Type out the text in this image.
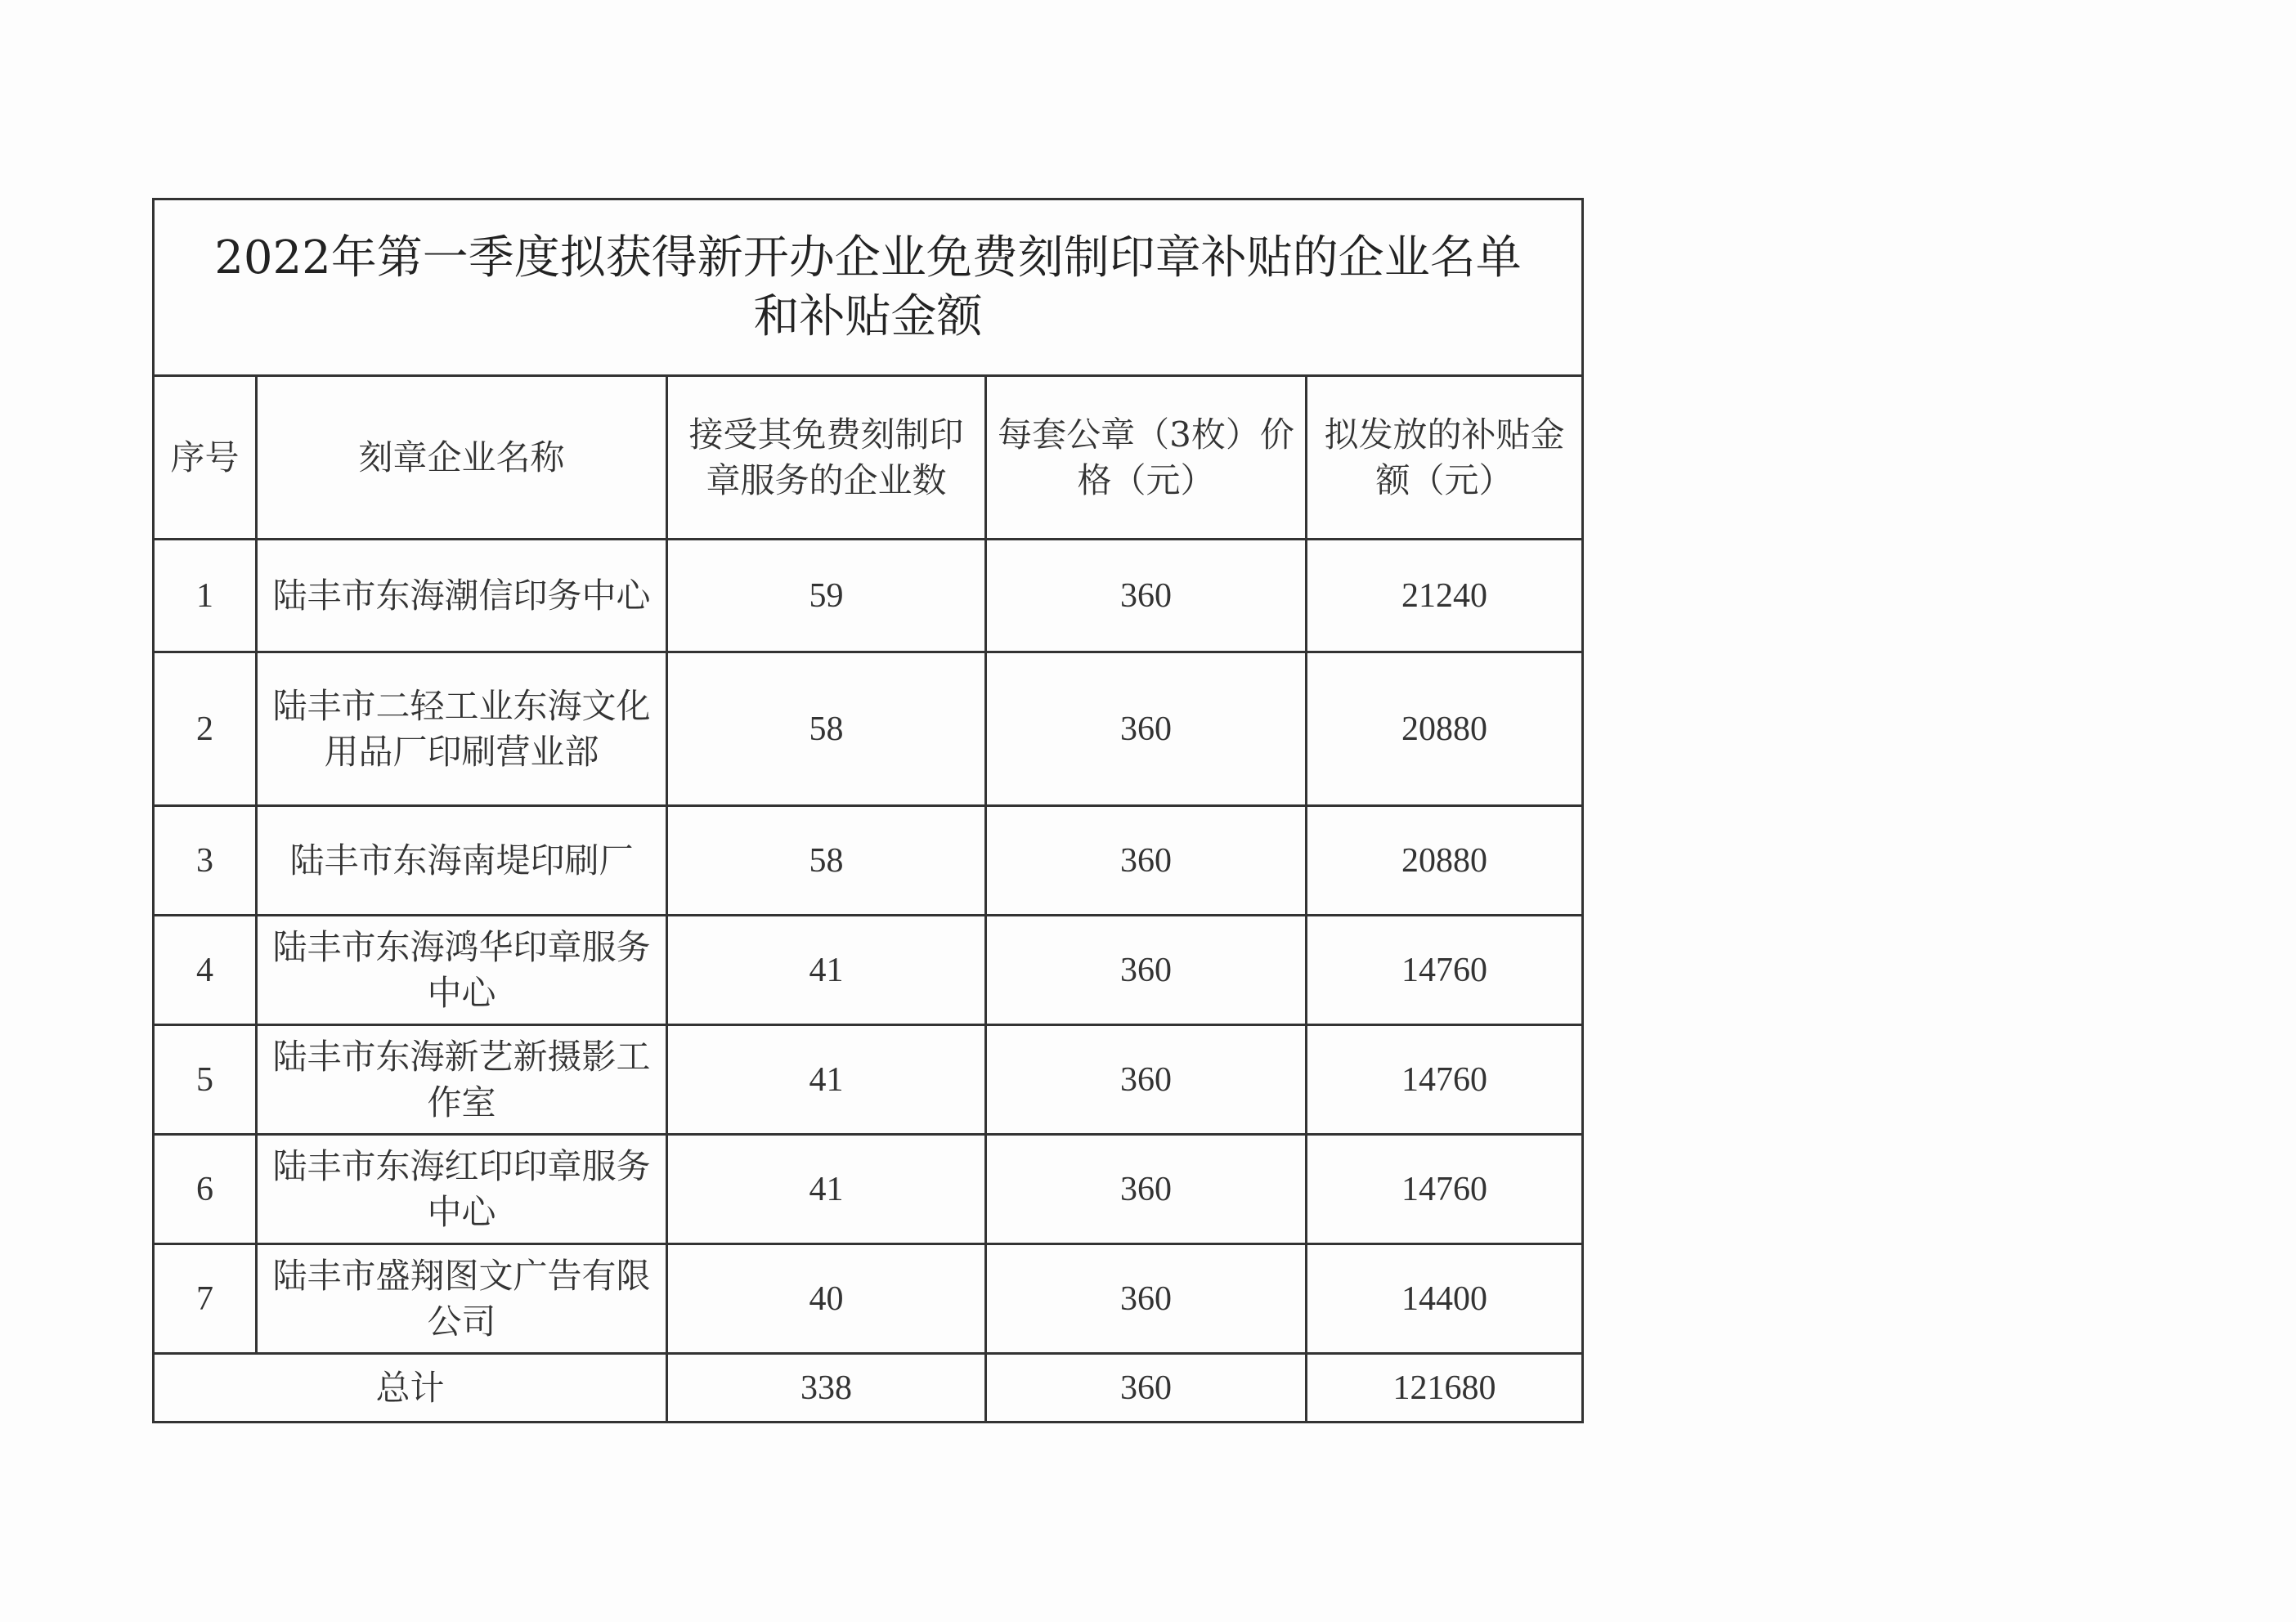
2022年第一季度拟获得新开办企业免费刻制印章补贴的企业名单
和补贴金额				

序号	刻章企业名称	接受其免费刻制印章服务的企业数	每套公章（3枚）价格（元）	拟发放的补贴金额（元）
1	陆丰市东海潮信印务中心	59	360	21240
2	陆丰市二轻工业东海文化用品厂印刷营业部	58	360	20880
3	陆丰市东海南堤印刷厂	58	360	20880
4	陆丰市东海鸿华印章服务中心	41	360	14760
5	陆丰市东海新艺新摄影工作室	41	360	14760
6	陆丰市东海红印印章服务中心	41	360	14760
7	陆丰市盛翔图文广告有限公司	40	360	14400
总计		338	360	121680
